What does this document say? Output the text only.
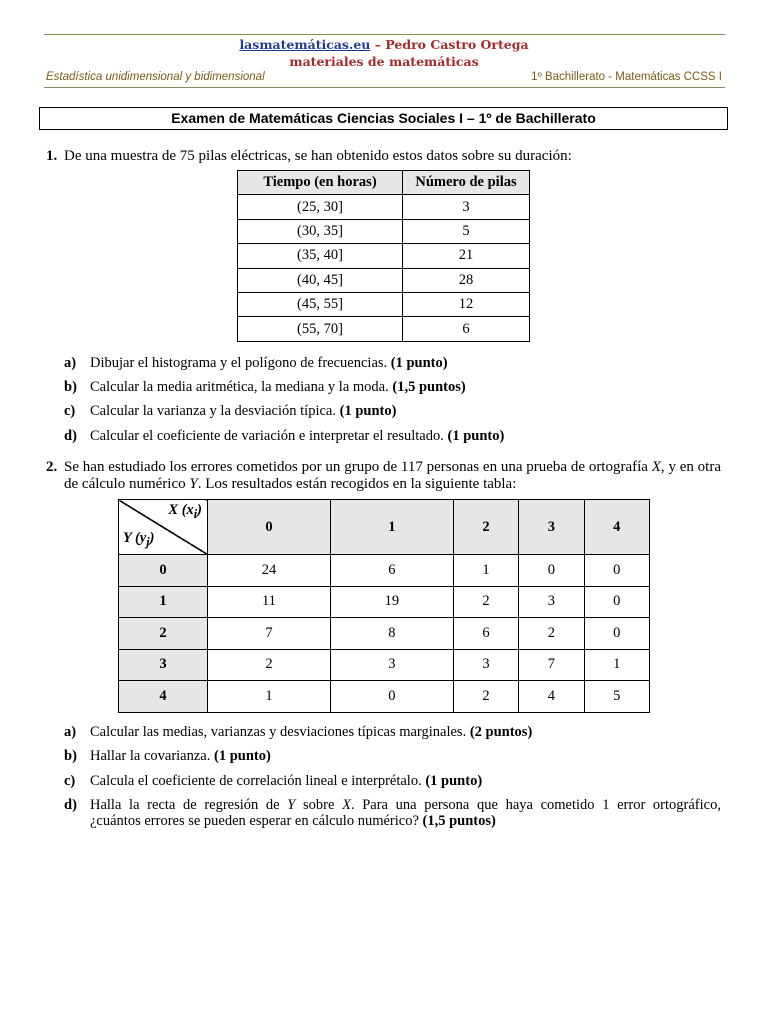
lasmatemáticas.eu – Pedro Castro Ortega
materiales de matemáticas
Estadística unidimensional y bidimensional	1º Bachillerato - Matemáticas CCSS I
Examen de Matemáticas Ciencias Sociales I – 1º de Bachillerato
1. De una muestra de 75 pilas eléctricas, se han obtenido estos datos sobre su duración:
Tiempo (en horas)	Número de pilas
(25, 30]	3
(30, 35]	5
(35, 40]	21
(40, 45]	28
(45, 55]	12
(55, 70]	6
a) Dibujar el histograma y el polígono de frecuencias. (1 punto)
b) Calcular la media aritmética, la mediana y la moda. (1,5 puntos)
c) Calcular la varianza y la desviación típica. (1 punto)
d) Calcular el coeficiente de variación e interpretar el resultado. (1 punto)
2. Se han estudiado los errores cometidos por un grupo de 117 personas en una prueba de ortografía X, y en otra de cálculo numérico Y. Los resultados están recogidos en la siguiente tabla:
X $(x_i)$
Y $(y_j)$	0	1	2	3	4
0	24	6	1	0	0
1	11	19	2	3	0
2	7	8	6	2	0
3	2	3	3	7	1
4	1	0	2	4	5
a) Calcular las medias, varianzas y desviaciones típicas marginales. (2 puntos)
b) Hallar la covarianza. (1 punto)
c) Calcula el coeficiente de correlación lineal e interprétalo. (1 punto)
d) Halla la recta de regresión de Y sobre X. Para una persona que haya cometido 1 error ortográfico,
¿cuántos errores se pueden esperar en cálculo numérico? (1,5 puntos)
